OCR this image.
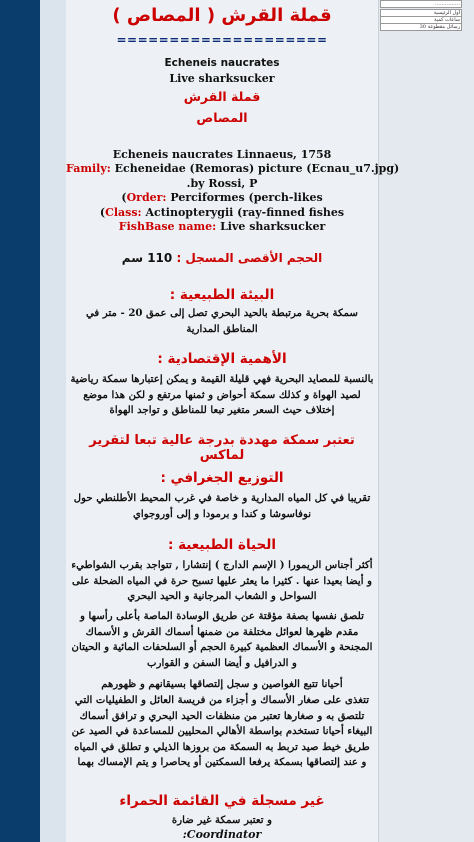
……………
أول الرئيسية
ساعات كمية
رسائل مقطوعة 30
قملة القرش ( المصاص )
====================
Echeneis naucrates
Live sharksucker
قملة القرش
المصاص
Echeneis naucrates Linnaeus, 1758
Family: Echeneidae (Remoras) picture (Ecnau_u7.jpg)
.by Rossi, P
(Order: Perciformes (perch-likes
(Class: Actinopterygii (ray-finned fishes
FishBase name: Live sharksucker
الحجم الأقصى المسجل : 110 سم
البيئة الطبيعية :
سمكة بحرية مرتبطة بالحيد البحري تصل إلى عمق 20 - متر في المناطق المدارية
الأهمية الإقتصادية :
بالنسبة للمصايد البحرية فهي قليلة القيمة و يمكن إعتبارها سمكة رياضية لصيد الهواة و كذلك سمكة أحواض و ثمنها مرتفع و لكن هذا موضع إختلاف حيث السعر متغير تبعا للمناطق و تواجد الهواة
تعتبر سمكة مهددة بدرجة عالية تبعا لتقرير لماكس
التوزيع الجغرافي :
تقريبا في كل المياه المدارية و خاصة في غرب المحيط الأطلنطي حول نوفاسوشا و كندا و برمودا و إلى أوروجواي
الحياة الطبيعية :
أكثر أجناس الريمورا ( الإسم الدارج ) إنتشارا , تتواجد بقرب الشواطيء و أيضا بعيدا عنها . كثيرا ما يعثر عليها تسبح حرة في المياه الضحلة على السواحل و الشعاب المرجانية و الحيد البحري
تلصق نفسها بصفة مؤقتة عن طريق الوسادة الماصة بأعلى رأسها و مقدم ظهرها لعوائل مختلفة من ضمنها أسماك القرش و الأسماك المجنحة و الأسماك العظمية كبيرة الحجم أو السلحفات المائية و الحيتان و الدرافيل و أيضا السفن و القوارب
أحيانا تتبع الغواصين و سجل إلتصاقها بسيقانهم و ظهورهم
تتغذى على صغار الأسماك و أجزاء من فريسة العائل و الطفيليات التي تلتصق به و صغارها تعتبر من منظفات الحيد البحري و ترافق أسماك البيغاء أحيانا تستخدم بواسطة الأهالي المحليين للمساعدة في الصيد عن طريق خيط صيد تربط به السمكة من بروزها الذيلي و تطلق في المياه و عند إلتصاقها بسمكة يرفعا السمكتين أو يحاصرا و يتم الإمساك بهما
غير مسجلة في القائمة الحمراء
و تعتبر سمكة غير ضارة
:Coordinator
